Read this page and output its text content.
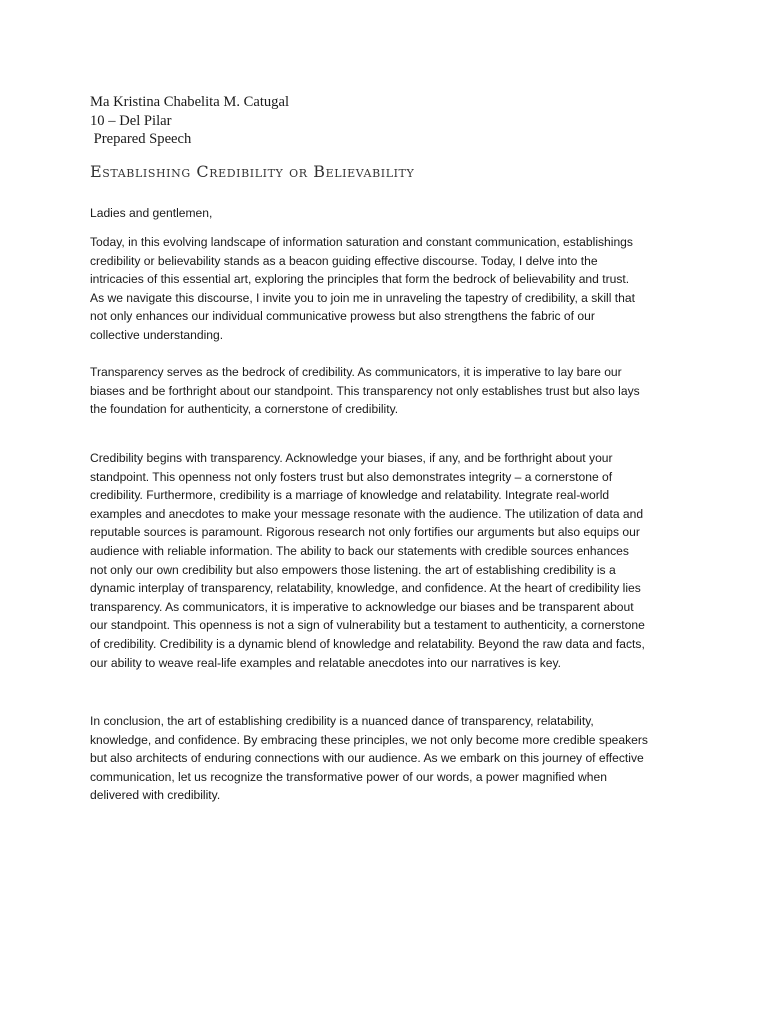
Ma Kristina Chabelita M. Catugal
10 – Del Pilar
Prepared Speech
Establishing Credibility or Believability

Ladies and gentlemen,

Today, in this evolving landscape of information saturation and constant communication, establishings

credibility or believability stands as a beacon guiding effective discourse. Today, I delve into the

intricacies of this essential art, exploring the principles that form the bedrock of believability and trust.

As we navigate this discourse, I invite you to join me in unraveling the tapestry of credibility, a skill that

not only enhances our individual communicative prowess but also strengthens the fabric of our

collective understanding.

Transparency serves as the bedrock of credibility. As communicators, it is imperative to lay bare our

biases and be forthright about our standpoint. This transparency not only establishes trust but also lays

the foundation for authenticity, a cornerstone of credibility.

Credibility begins with transparency. Acknowledge your biases, if any, and be forthright about your

standpoint. This openness not only fosters trust but also demonstrates integrity – a cornerstone of

credibility. Furthermore, credibility is a marriage of knowledge and relatability. Integrate real-world

examples and anecdotes to make your message resonate with the audience. The utilization of data and

reputable sources is paramount. Rigorous research not only fortifies our arguments but also equips our

audience with reliable information. The ability to back our statements with credible sources enhances

not only our own credibility but also empowers those listening. the art of establishing credibility is a

dynamic interplay of transparency, relatability, knowledge, and confidence. At the heart of credibility lies

transparency. As communicators, it is imperative to acknowledge our biases and be transparent about

our standpoint. This openness is not a sign of vulnerability but a testament to authenticity, a cornerstone

of credibility. Credibility is a dynamic blend of knowledge and relatability. Beyond the raw data and facts,

our ability to weave real-life examples and relatable anecdotes into our narratives is key.

In conclusion, the art of establishing credibility is a nuanced dance of transparency, relatability,

knowledge, and confidence. By embracing these principles, we not only become more credible speakers

but also architects of enduring connections with our audience. As we embark on this journey of effective

communication, let us recognize the transformative power of our words, a power magnified when

delivered with credibility.
